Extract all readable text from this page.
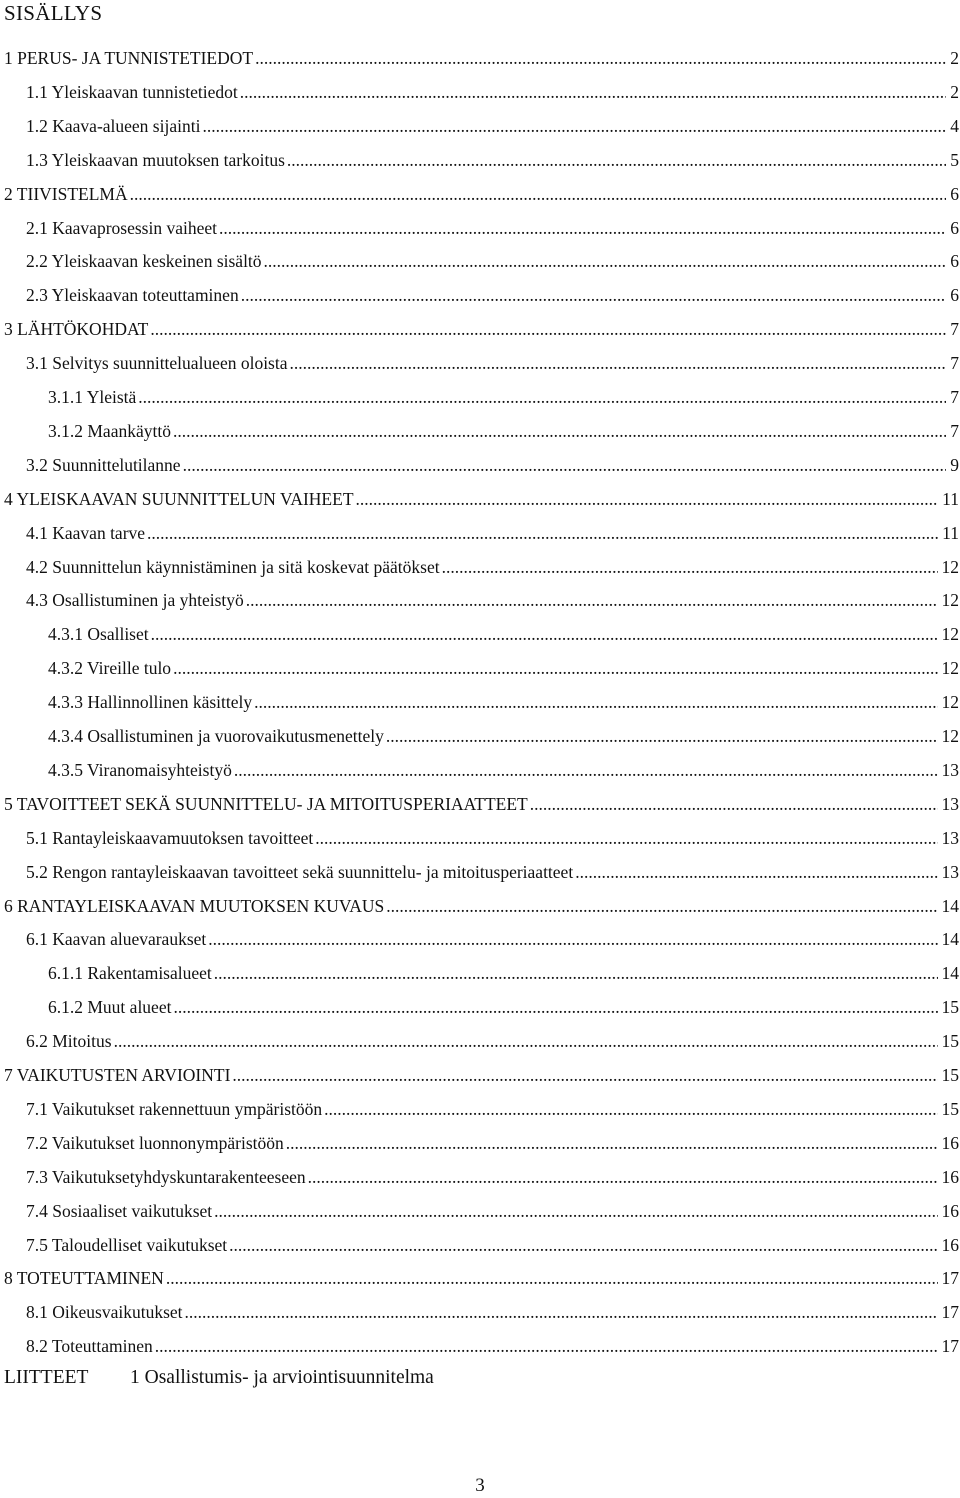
SISÄLLYS
1 PERUS- JA TUNNISTETIEDOT .....	2
1.1 Yleiskaavan tunnistetiedot .....	2
1.2 Kaava-alueen sijainti .....	4
1.3 Yleiskaavan muutoksen tarkoitus .....	5
2 TIIVISTELMÄ .....	6
2.1 Kaavaprosessin vaiheet .....	6
2.2 Yleiskaavan keskeinen sisältö .....	6
2.3 Yleiskaavan toteuttaminen .....	6
3 LÄHTÖKOHDAT .....	7
3.1 Selvitys suunnittelualueen oloista .....	7
3.1.1 Yleistä .....	7
3.1.2 Maankäyttö .....	7
3.2 Suunnittelutilanne .....	9
4 YLEISKAAVAN SUUNNITTELUN VAIHEET .....	11
4.1 Kaavan tarve .....	11
4.2 Suunnittelun käynnistäminen ja sitä koskevat päätökset .....	12
4.3 Osallistuminen ja yhteistyö .....	12
4.3.1 Osalliset .....	12
4.3.2 Vireille tulo .....	12
4.3.3 Hallinnollinen käsittely .....	12
4.3.4 Osallistuminen ja vuorovaikutusmenettely .....	12
4.3.5 Viranomaisyhteistyö .....	13
5 TAVOITTEET SEKÄ SUUNNITTELU- JA MITOITUSPERIAATTEET .....	13
5.1 Rantayleiskaavamuutoksen tavoitteet .....	13
5.2 Rengon rantayleiskaavan tavoitteet sekä suunnittelu- ja mitoitusperiaatteet .....	13
6 RANTAYLEISKAAVAN MUUTOKSEN KUVAUS .....	14
6.1 Kaavan aluevaraukset .....	14
6.1.1 Rakentamisalueet .....	14
6.1.2 Muut alueet .....	15
6.2 Mitoitus .....	15
7 VAIKUTUSTEN ARVIOINTI .....	15
7.1 Vaikutukset rakennettuun ympäristöön .....	15
7.2 Vaikutukset luonnonympäristöön .....	16
7.3 Vaikutuksetyhdyskuntarakenteeseen .....	16
7.4 Sosiaaliset vaikutukset .....	16
7.5 Taloudelliset vaikutukset .....	16
8 TOTEUTTAMINEN .....	17
8.1 Oikeusvaikutukset .....	17
8.2 Toteuttaminen .....	17
LIITTEET 1 Osallistumis- ja arviointisuunnitelma
3
